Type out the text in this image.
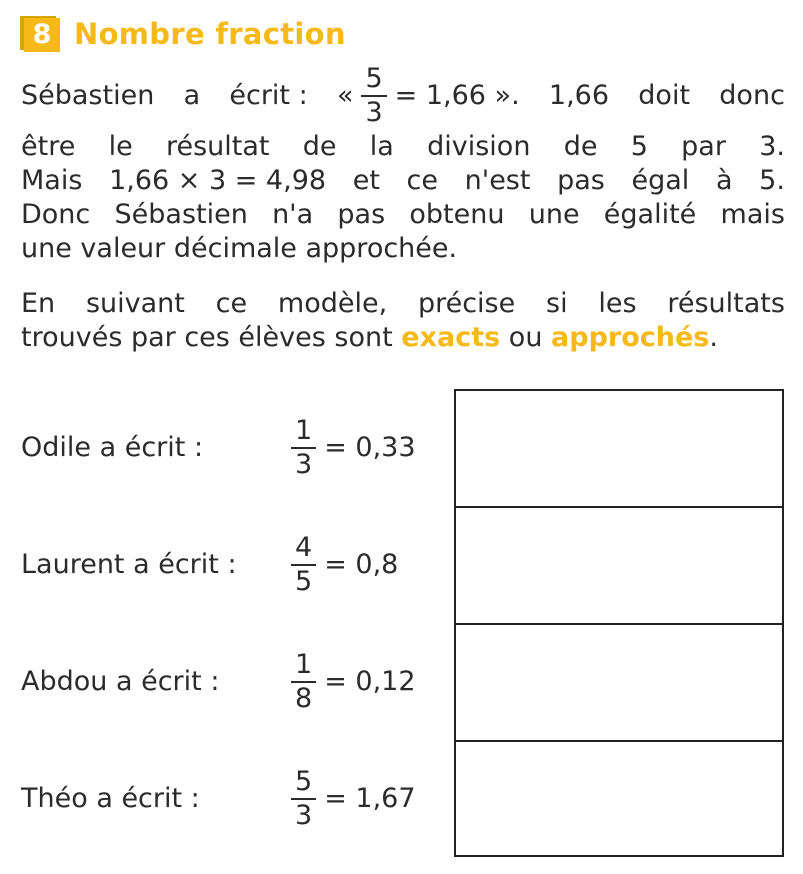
8 Nombre fraction
Sébastien a écrit : « $\frac{5}{3} = 1,66$ ». 1,66 doit donc
être le résultat de la division de 5 par 3.
Mais 1,66 × 3 = 4,98 et ce n'est pas égal à 5.
Donc Sébastien n'a pas obtenu une égalité mais
une valeur décimale approchée.
En suivant ce modèle, précise si les résultats
trouvés par ces élèves sont exacts ou approchés.
Odile a écrit :	$\frac{1}{3} = 0,33$
Laurent a écrit :	$\frac{4}{5} = 0,8$
Abdou a écrit :	$\frac{1}{8} = 0,12$
Théo a écrit :	$\frac{5}{3} = 1,67$
